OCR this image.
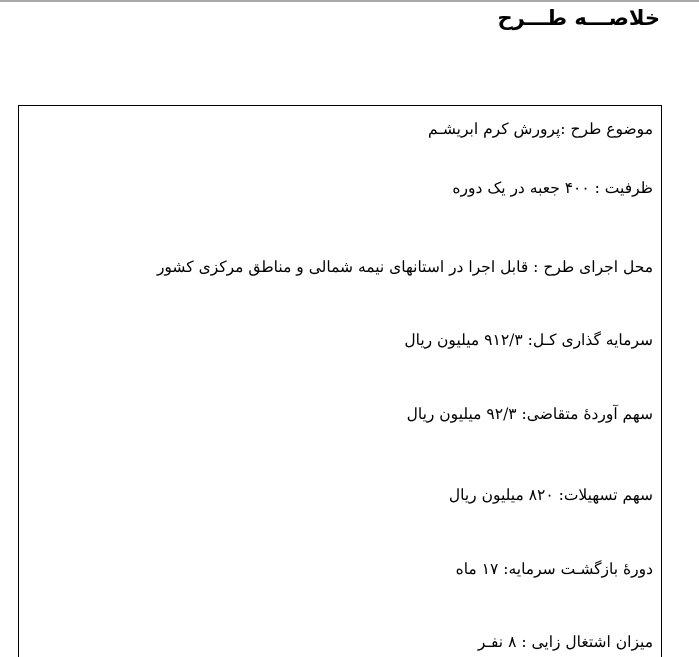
خلاصـــه طـــرح
موضوع طرح :پرورش کرم ابریشـم
ظرفیت : ۴۰۰ جعبه در یک دوره
محل اجرای طرح : قابل اجرا در استانهای نیمه شمالی و مناطق مرکزی کشور
سرمایه گذاری کـل: ۹۱۲/۳ میلیون ریال
سهم آوردهٔ متقاضی: ۹۲/۳ میلیون ریال
سهم تسهیلات: ۸۲۰ میلیون ریال
دورهٔ بازگشـت سرمایه: ۱۷ ماه
میزان اشتغال زایی : ۸ نفـر
